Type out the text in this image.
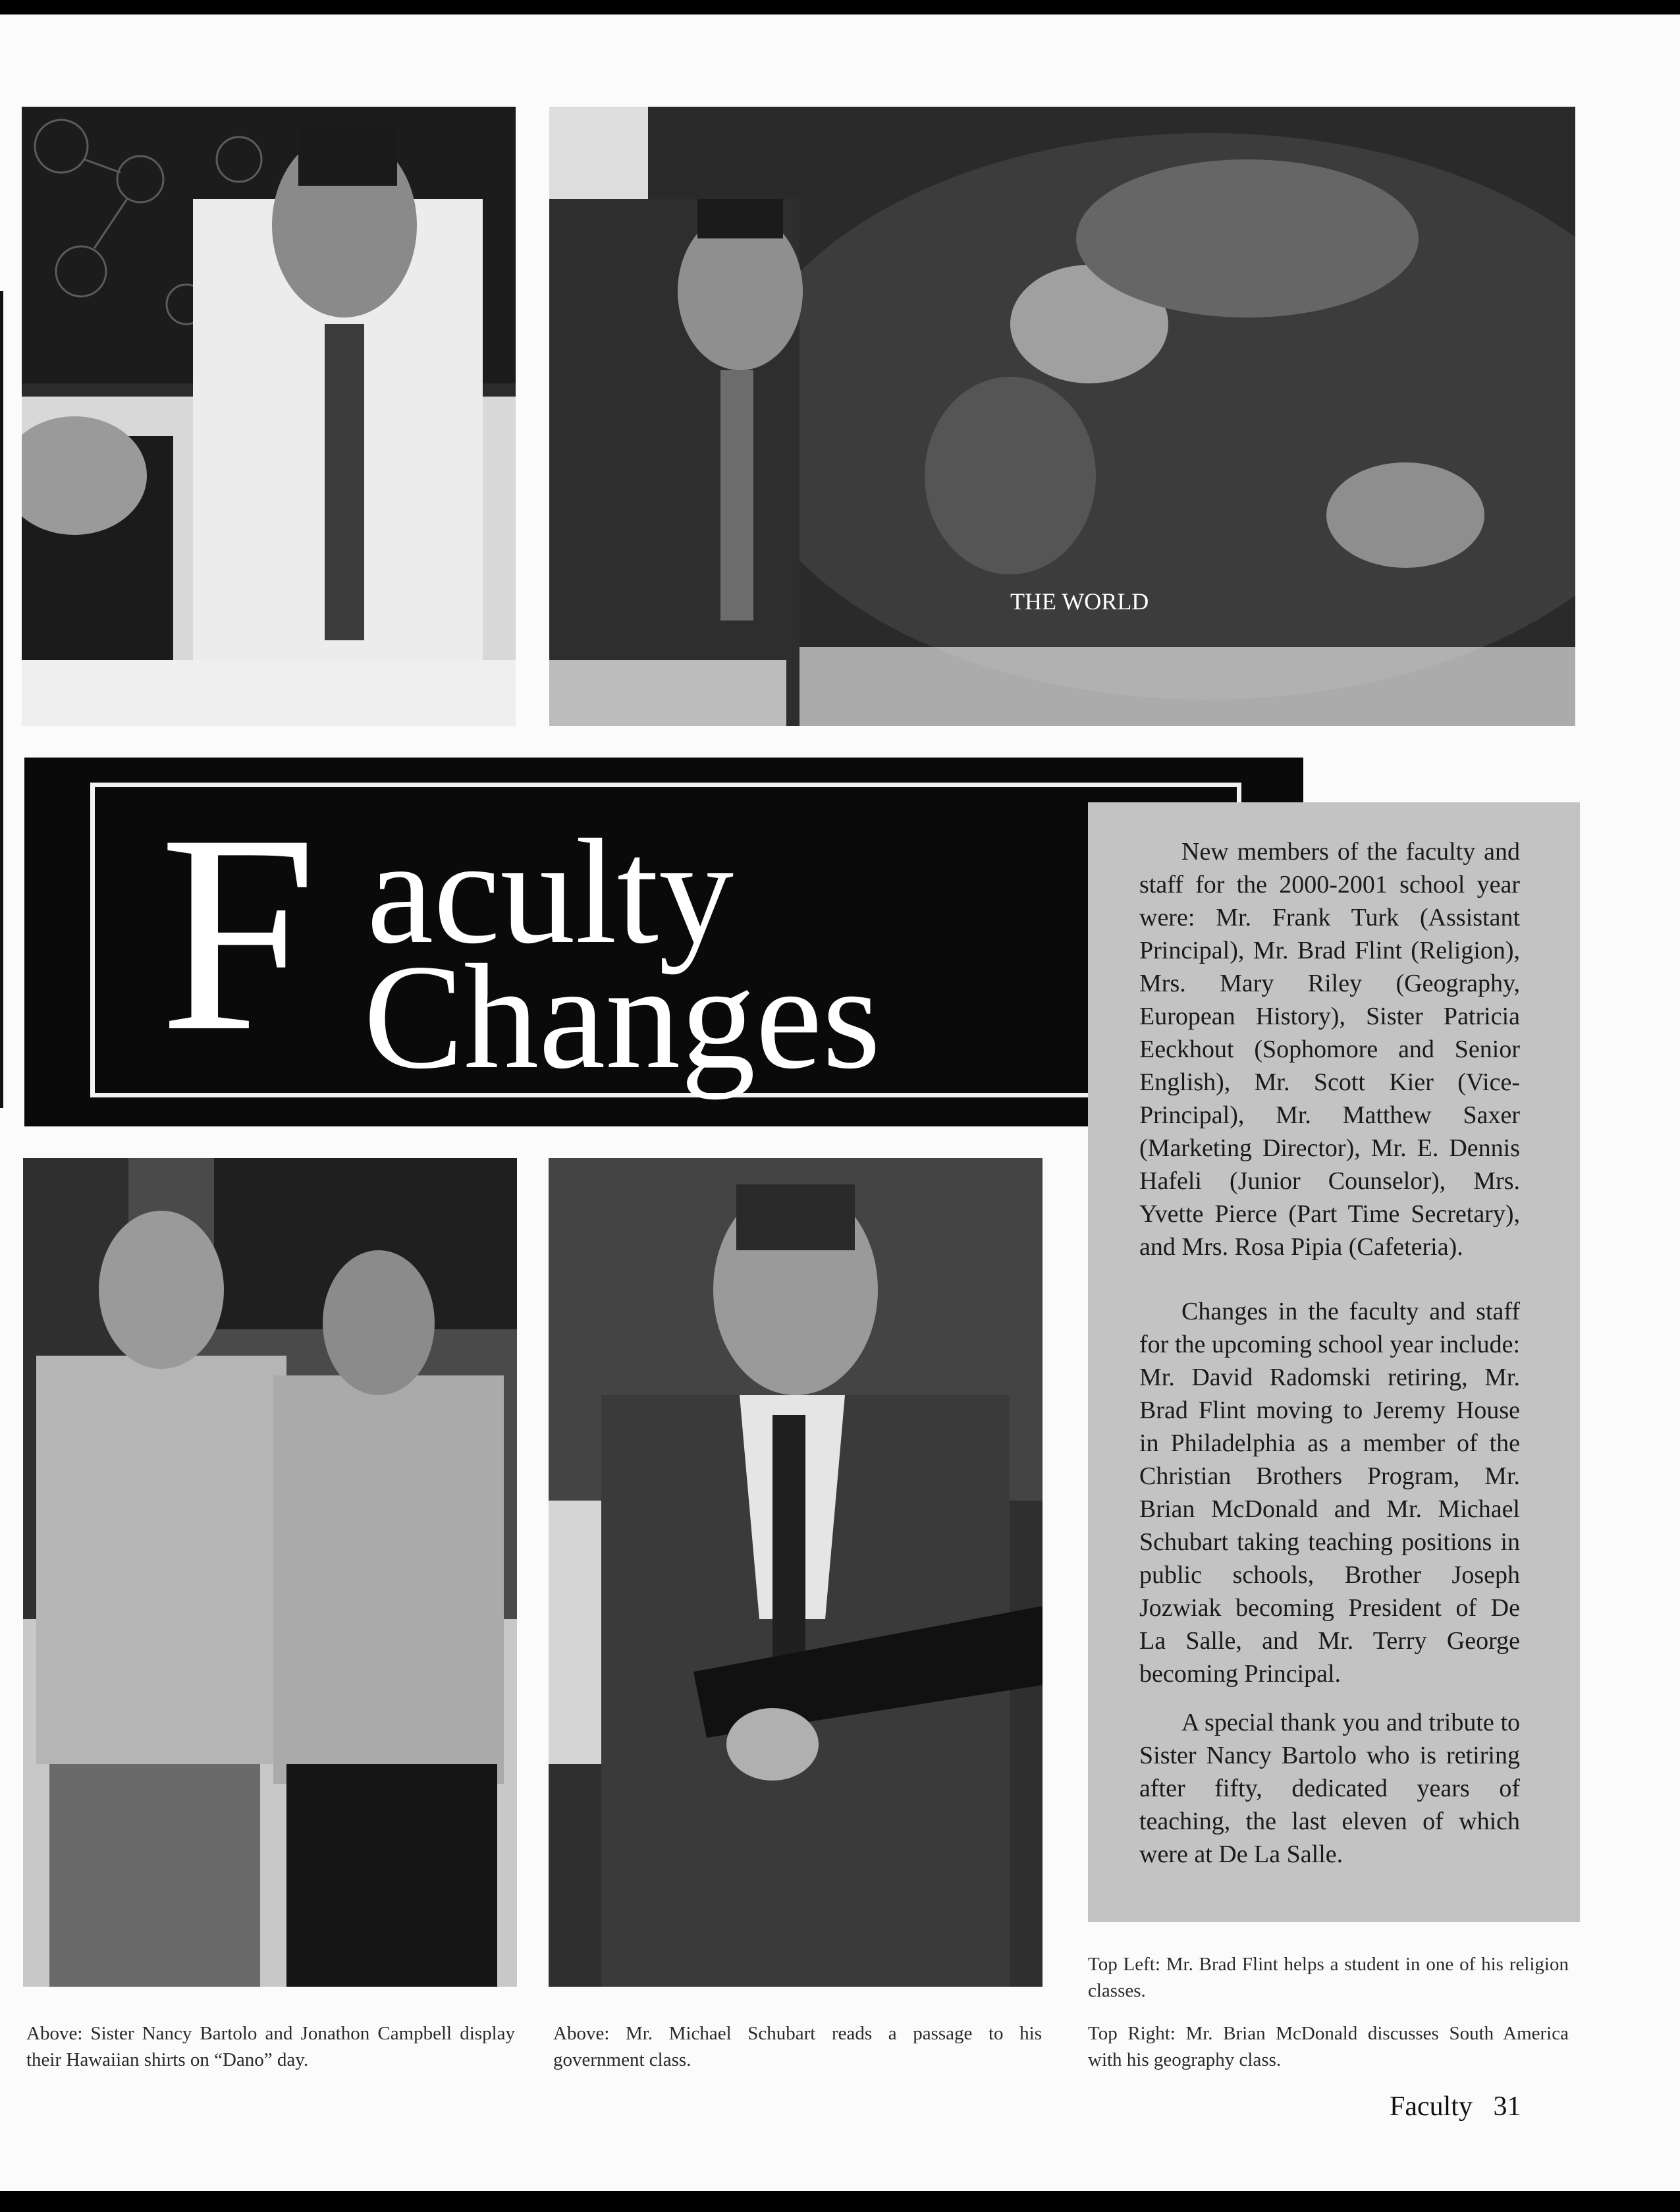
THE WORLD
F aculty
Changes

New members of the faculty and staff for the 2000-2001 school year were: Mr. Frank Turk (Assistant Principal), Mr. Brad Flint (Religion), Mrs. Mary Riley (Geography, European History), Sister Patricia Eeckhout (Sophomore and Senior English), Mr. Scott Kier (Vice-Principal), Mr. Matthew Saxer (Marketing Director), Mr. E. Dennis Hafeli (Junior Counselor), Mrs. Yvette Pierce (Part Time Secretary), and Mrs. Rosa Pipia (Cafeteria).

Changes in the faculty and staff for the upcoming school year include: Mr. David Radomski retiring, Mr. Brad Flint moving to Jeremy House in Philadelphia as a member of the Christian Brothers Program, Mr. Brian McDonald and Mr. Michael Schubart taking teaching positions in public schools, Brother Joseph Jozwiak becoming President of De La Salle, and Mr. Terry George becoming Principal.

A special thank you and tribute to Sister Nancy Bartolo who is retiring after fifty, dedicated years of teaching, the last eleven of which were at De La Salle.

Above: Sister Nancy Bartolo and Jonathon Campbell display their Hawaiian shirts on “Dano” day.

Above: Mr. Michael Schubart reads a passage to his government class.

Top Left: Mr. Brad Flint helps a student in one of his religion classes.

Top Right: Mr. Brian McDonald discusses South America with his geography class.

Faculty 31
